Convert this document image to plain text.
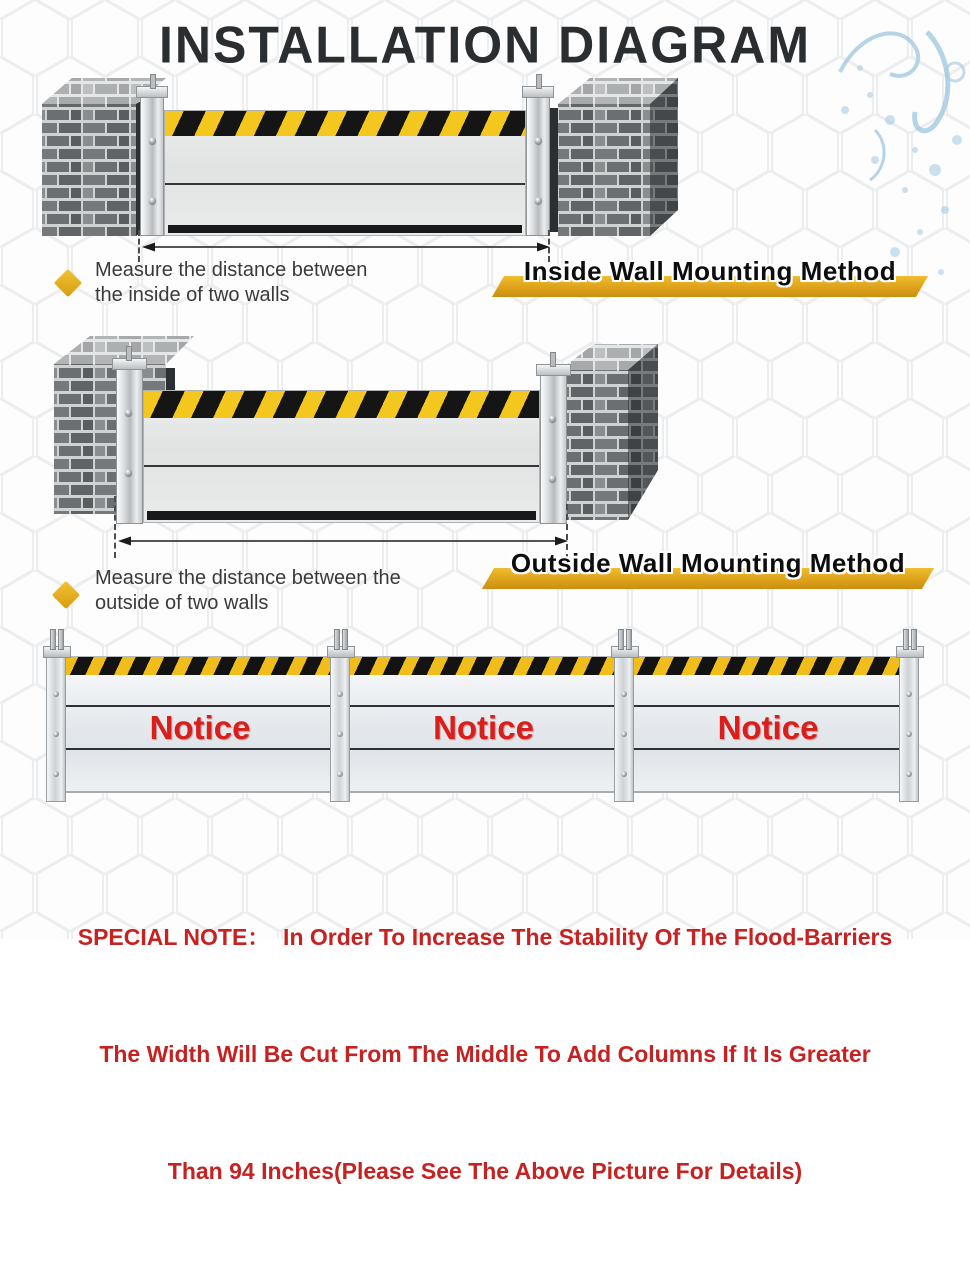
INSTALLATION DIAGRAM
Measure the distance between the inside of two walls
Inside Wall Mounting Method
Measure the distance between the outside of two walls
Outside Wall Mounting Method
Notice	Notice	Notice

SPECIAL NOTE：  In Order To Increase The Stability Of The Flood-Barriers

The Width Will Be Cut From The Middle To Add Columns If It Is Greater

Than 94 Inches(Please See The Above Picture For Details)
